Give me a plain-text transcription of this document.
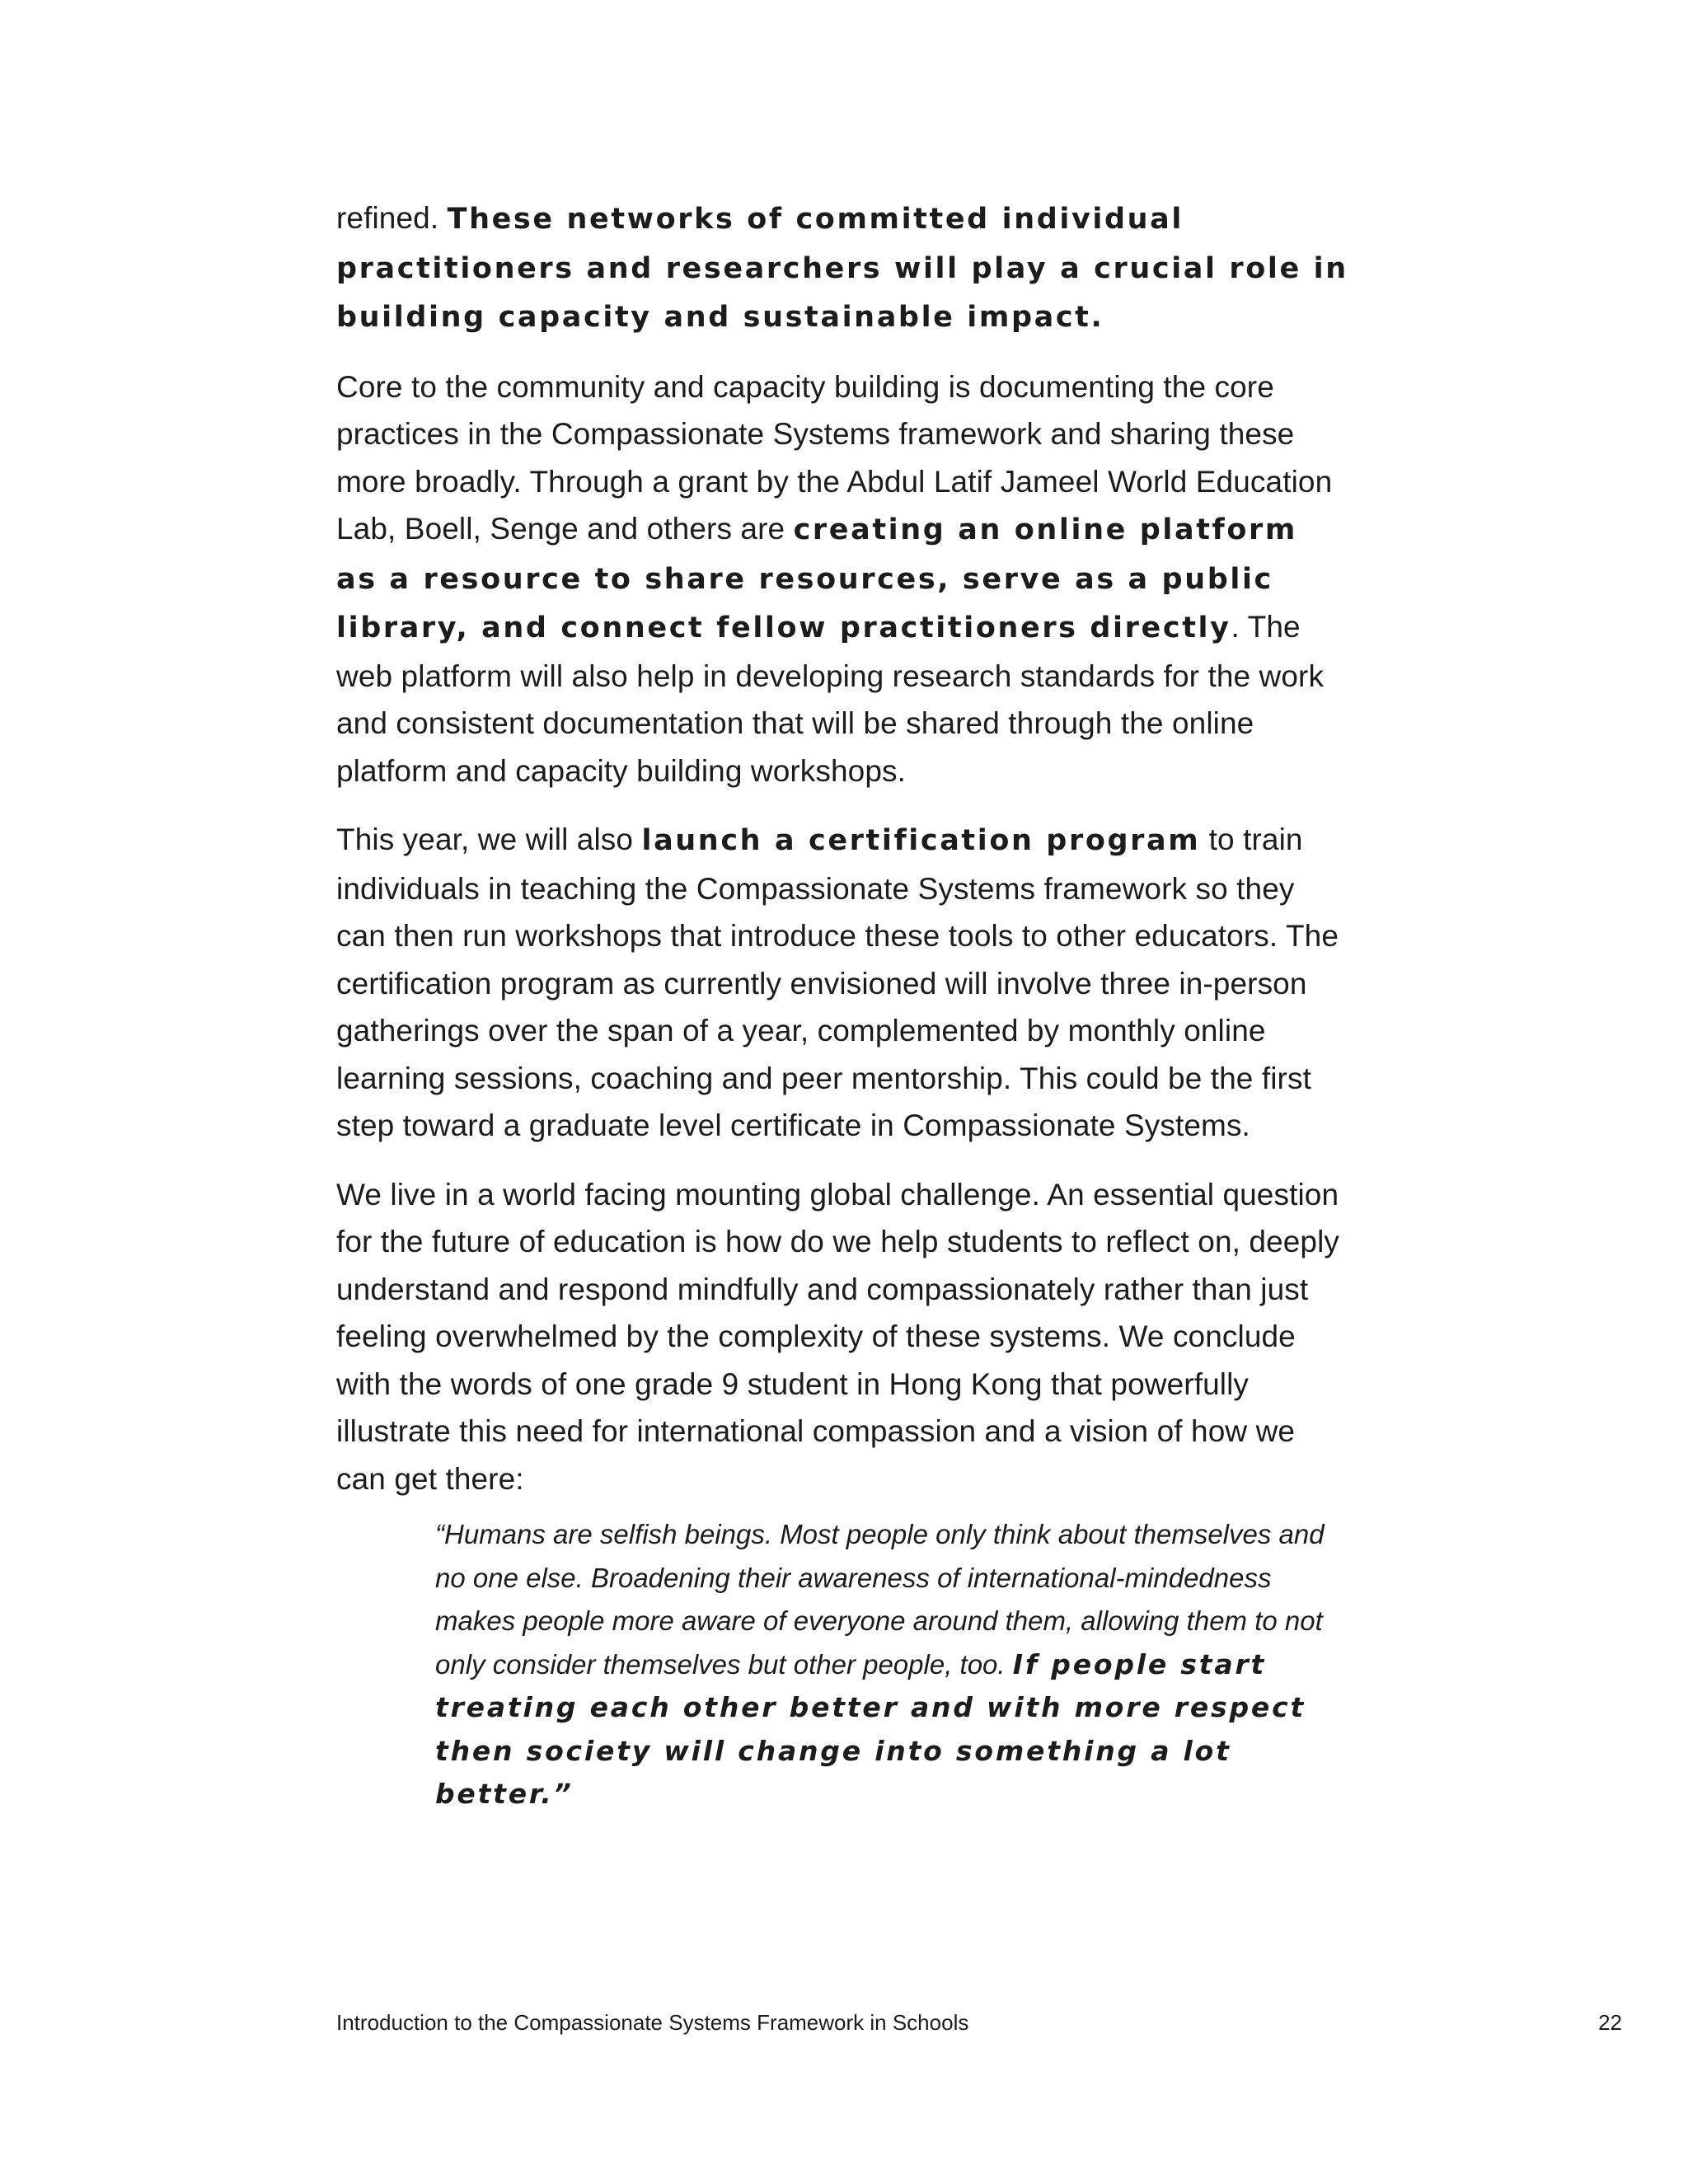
refined. These networks of committed individual practitioners and researchers will play a crucial role in building capacity and sustainable impact.

Core to the community and capacity building is documenting the core practices in the Compassionate Systems framework and sharing these more broadly. Through a grant by the Abdul Latif Jameel World Education Lab, Boell, Senge and others are creating an online platform as a resource to share resources, serve as a public library, and connect fellow practitioners directly. The web platform will also help in developing research standards for the work and consistent documentation that will be shared through the online platform and capacity building workshops.

This year, we will also launch a certification program to train individuals in teaching the Compassionate Systems framework so they can then run workshops that introduce these tools to other educators. The certification program as currently envisioned will involve three in-person gatherings over the span of a year, complemented by monthly online learning sessions, coaching and peer mentorship. This could be the first step toward a graduate level certificate in Compassionate Systems.

We live in a world facing mounting global challenge. An essential question for the future of education is how do we help students to reflect on, deeply understand and respond mindfully and compassionately rather than just feeling overwhelmed by the complexity of these systems. We conclude with the words of one grade 9 student in Hong Kong that powerfully illustrate this need for international compassion and a vision of how we can get there:

“Humans are selfish beings. Most people only think about themselves and no one else. Broadening their awareness of international-mindedness makes people more aware of everyone around them, allowing them to not only consider themselves but other people, too. If people start treating each other better and with more respect then society will change into something a lot better.”

Introduction to the Compassionate Systems Framework in Schools	22
